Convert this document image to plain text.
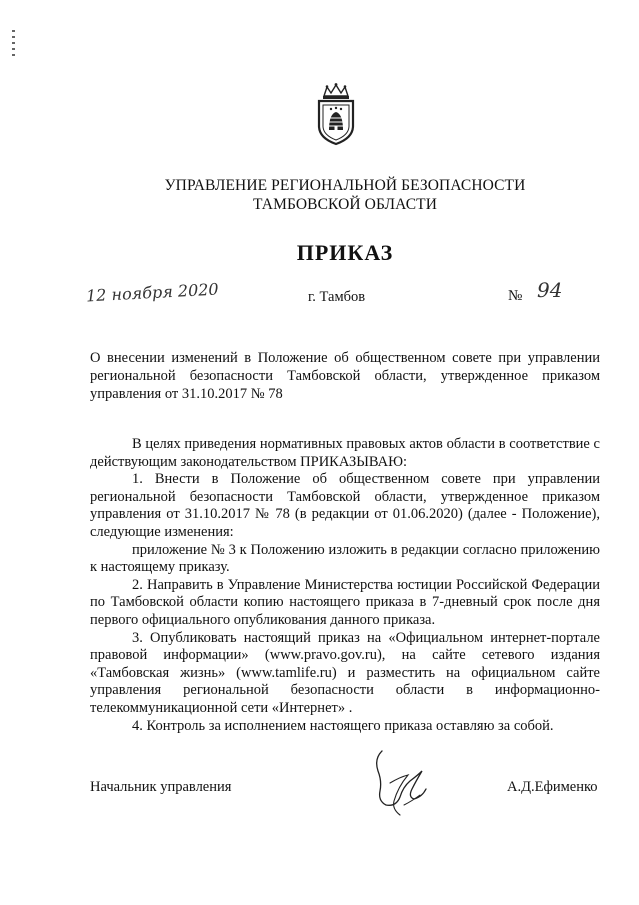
УПРАВЛЕНИЕ РЕГИОНАЛЬНОЙ БЕЗОПАСНОСТИ
ТАМБОВСКОЙ ОБЛАСТИ
ПРИКАЗ
12 ноября 2020	г. Тамбов	№ 94
О внесении изменений в Положение об общественном совете при управлении региональной безопасности Тамбовской области, утвержденное приказом управления от 31.10.2017 № 78

В целях приведения нормативных правовых актов области в соответствие с действующим законодательством ПРИКАЗЫВАЮ:

1. Внести в Положение об общественном совете при управлении региональной безопасности Тамбовской области, утвержденное приказом управления от 31.10.2017 № 78 (в редакции от 01.06.2020) (далее - Положение), следующие изменения:

приложение № 3 к Положению изложить в редакции согласно приложению к настоящему приказу.

2. Направить в Управление Министерства юстиции Российской Федерации по Тамбовской области копию настоящего приказа в 7-дневный срок после дня первого официального опубликования данного приказа.

3. Опубликовать настоящий приказ на «Официальном интернет-портале правовой информации» (www.pravo.gov.ru), на сайте сетевого издания «Тамбовская жизнь» (www.tamlife.ru) и разместить на официальном сайте управления региональной безопасности области в информационно-телекоммуникационной сети «Интернет» .

4. Контроль за исполнением настоящего приказа оставляю за собой.

Начальник управления	А.Д.Ефименко
